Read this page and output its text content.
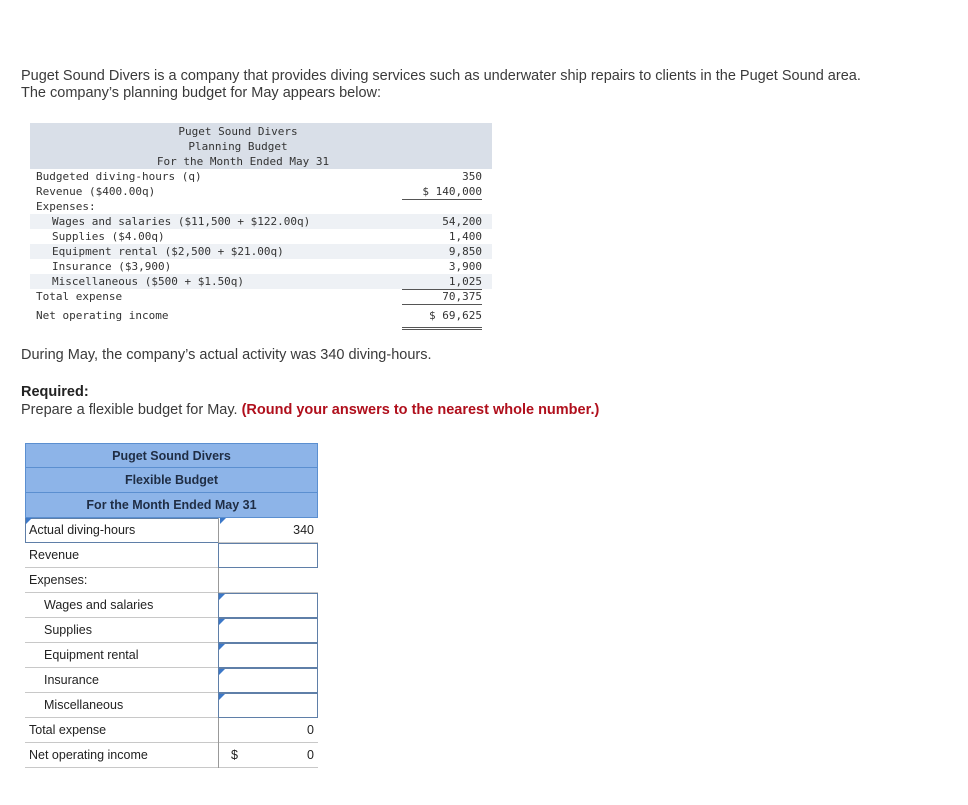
Puget Sound Divers is a company that provides diving services such as underwater ship repairs to clients in the Puget Sound area.
The company’s planning budget for May appears below:
Puget Sound Divers
Planning Budget
For the Month Ended May 31
Budgeted diving-hours (q)	350
Revenue ($400.00q)	$ 140,000
Expenses:
Wages and salaries ($11,500 + $122.00q)	54,200
Supplies ($4.00q)	1,400
Equipment rental ($2,500 + $21.00q)	9,850
Insurance ($3,900)	3,900
Miscellaneous ($500 + $1.50q)	1,025
Total expense	70,375
Net operating income	$ 69,625
During May, the company’s actual activity was 340 diving-hours.
Required:
Prepare a flexible budget for May. (Round your answers to the nearest whole number.)
Puget Sound Divers
Flexible Budget
For the Month Ended May 31
Actual diving-hours	340
Revenue
Expenses:
Wages and salaries
Supplies
Equipment rental
Insurance
Miscellaneous
Total expense	0
Net operating income	$	0
